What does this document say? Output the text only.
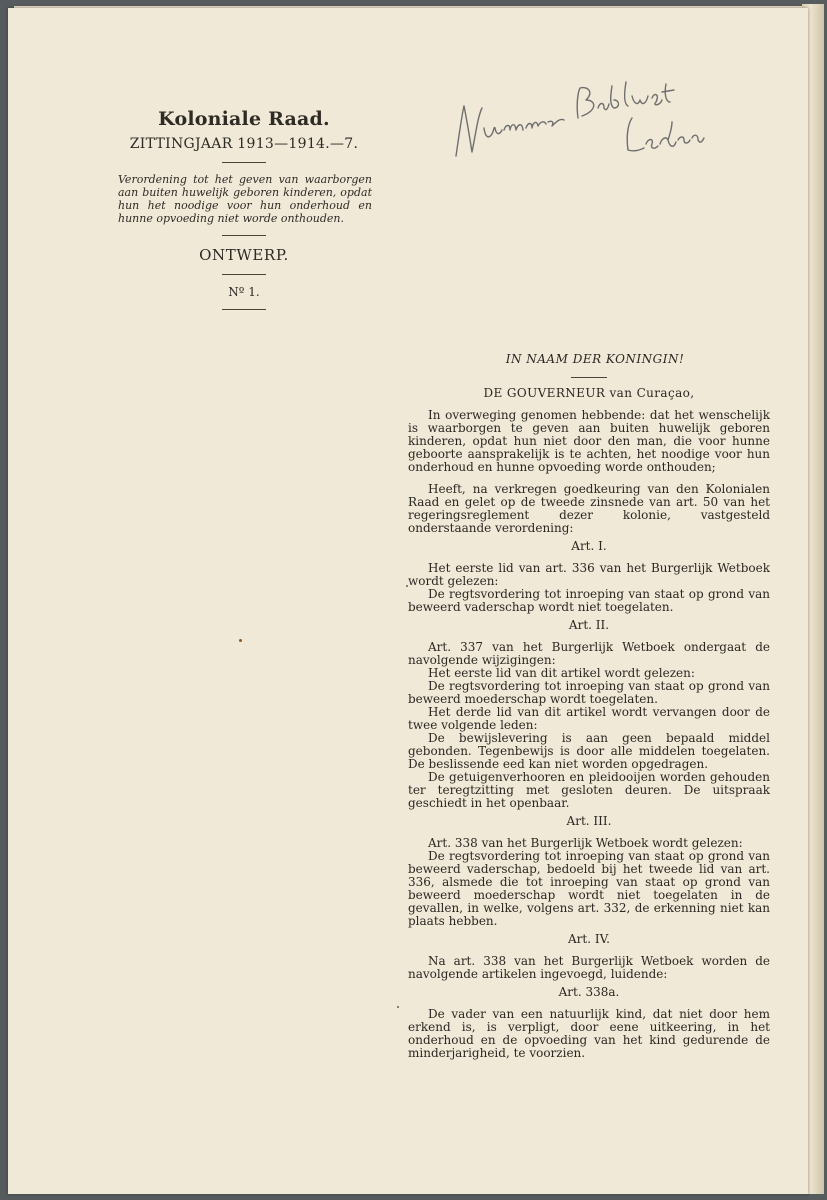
Koloniale Raad.
ZITTINGJAAR 1913—1914.—7.
Verordening tot het geven van waarborgen aan buiten huwelijk geboren kinderen, opdat hun het noodige voor hun onderhoud en hunne opvoeding niet worde onthouden.
ONTWERP.
Nº 1.
Nummer Bibl. Leden
IN NAAM DER KONINGIN!
DE GOUVERNEUR van Curaçao,

In overweging genomen hebbende: dat het wenschelijk is waarborgen te geven aan buiten huwelijk geboren kinderen, opdat hun niet door den man, die voor hunne geboorte aansprakelijk is te achten, het noodige voor hun onderhoud en hunne opvoeding worde onthouden;

Heeft, na verkregen goedkeuring van den Kolonialen Raad en gelet op de tweede zinsnede van art. 50 van het regeringsreglement dezer kolonie, vastgesteld onderstaande verordening:

Art. I.

Het eerste lid van art. 336 van het Burgerlijk Wetboek wordt gelezen:

De regtsvordering tot inroeping van staat op grond van beweerd vaderschap wordt niet toegelaten.

Art. II.

Art. 337 van het Burgerlijk Wetboek ondergaat de navolgende wijzigingen:

Het eerste lid van dit artikel wordt gelezen:

De regtsvordering tot inroeping van staat op grond van beweerd moederschap wordt toegelaten.

Het derde lid van dit artikel wordt vervangen door de twee volgende leden:

De bewijslevering is aan geen bepaald middel gebonden. Tegenbewijs is door alle middelen toegelaten. De beslissende eed kan niet worden opgedragen.

De getuigenverhooren en pleidooijen worden gehouden ter teregtzitting met gesloten deuren. De uitspraak geschiedt in het openbaar.

Art. III.

Art. 338 van het Burgerlijk Wetboek wordt gelezen:

De regtsvordering tot inroeping van staat op grond van beweerd vaderschap, bedoeld bij het tweede lid van art. 336, alsmede die tot inroeping van staat op grond van beweerd moederschap wordt niet toegelaten in de gevallen, in welke, volgens art. 332, de erkenning niet kan plaats hebben.

Art. IV.

Na art. 338 van het Burgerlijk Wetboek worden de navolgende artikelen ingevoegd, luidende:

Art. 338a.

De vader van een natuurlijk kind, dat niet door hem erkend is, is verpligt, door eene uitkeering, in het onderhoud en de opvoeding van het kind gedurende de minderjarigheid, te voorzien.
